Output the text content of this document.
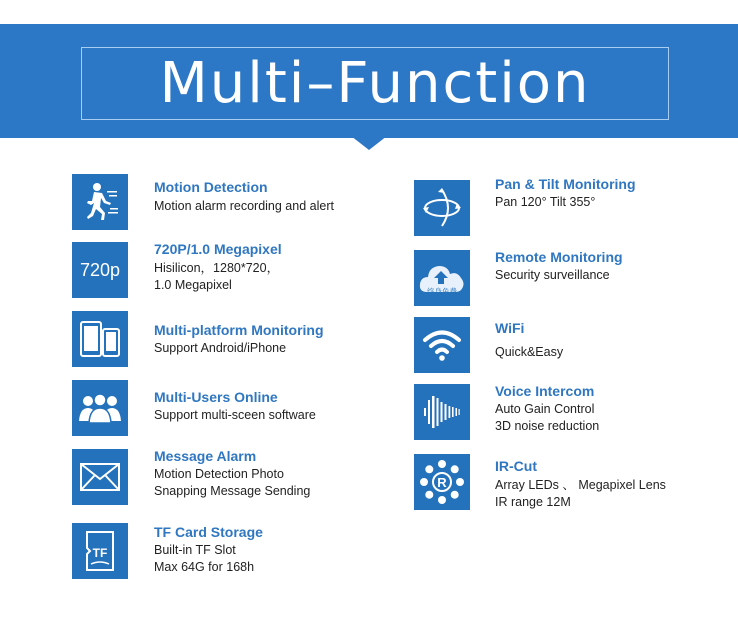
Multi–Function
Motion Detection
Motion alarm recording and alert
720p
720P/1.0 Megapixel
Hisilicon，1280*720，
1.0 Megapixel
Multi-platform Monitoring
Support Android/iPhone
Multi-Users Online
Support multi-sceen software
Message Alarm
Motion Detection Photo
Snapping Message Sending
TF
TF Card Storage
Built-in TF Slot
Max 64G for 168h
Pan & Tilt Monitoring
Pan 120° Tilt 355°
终身免费
Remote Monitoring
Security surveillance
WiFi
Quick&Easy
Voice Intercom
Auto Gain Control
3D noise reduction
R
IR-Cut
Array LEDs 、 Megapixel Lens
IR range 12M
